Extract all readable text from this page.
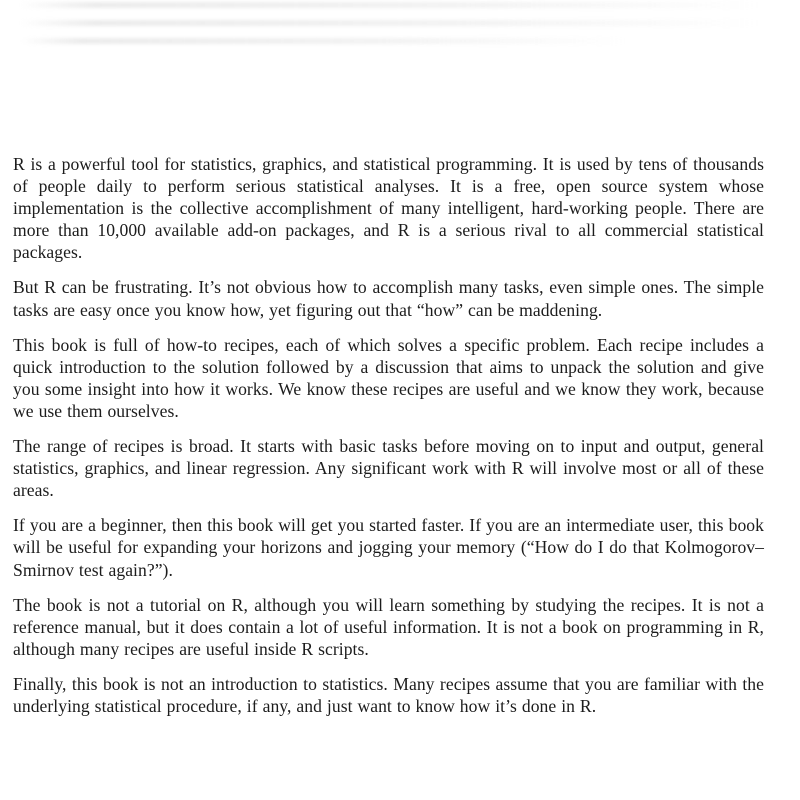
R is a powerful tool for statistics, graphics, and statistical programming. It is used by tens of thousands of people daily to perform serious statistical analyses. It is a free, open source system whose implementation is the collective accomplishment of many intelligent, hard-working people. There are more than 10,000 available add-on packages, and R is a serious rival to all commercial statistical packages.

But R can be frustrating. It’s not obvious how to accomplish many tasks, even simple ones. The simple tasks are easy once you know how, yet figuring out that “how” can be maddening.

This book is full of how-to recipes, each of which solves a specific problem. Each recipe includes a quick introduction to the solution followed by a discussion that aims to unpack the solution and give you some insight into how it works. We know these recipes are useful and we know they work, because we use them ourselves.

The range of recipes is broad. It starts with basic tasks before moving on to input and output, general statistics, graphics, and linear regression. Any significant work with R will involve most or all of these areas.

If you are a beginner, then this book will get you started faster. If you are an intermediate user, this book will be useful for expanding your horizons and jogging your memory (“How do I do that Kolmogorov–Smirnov test again?”).

The book is not a tutorial on R, although you will learn something by studying the recipes. It is not a reference manual, but it does contain a lot of useful information. It is not a book on programming in R, although many recipes are useful inside R scripts.

Finally, this book is not an introduction to statistics. Many recipes assume that you are familiar with the underlying statistical procedure, if any, and just want to know how it’s done in R.
